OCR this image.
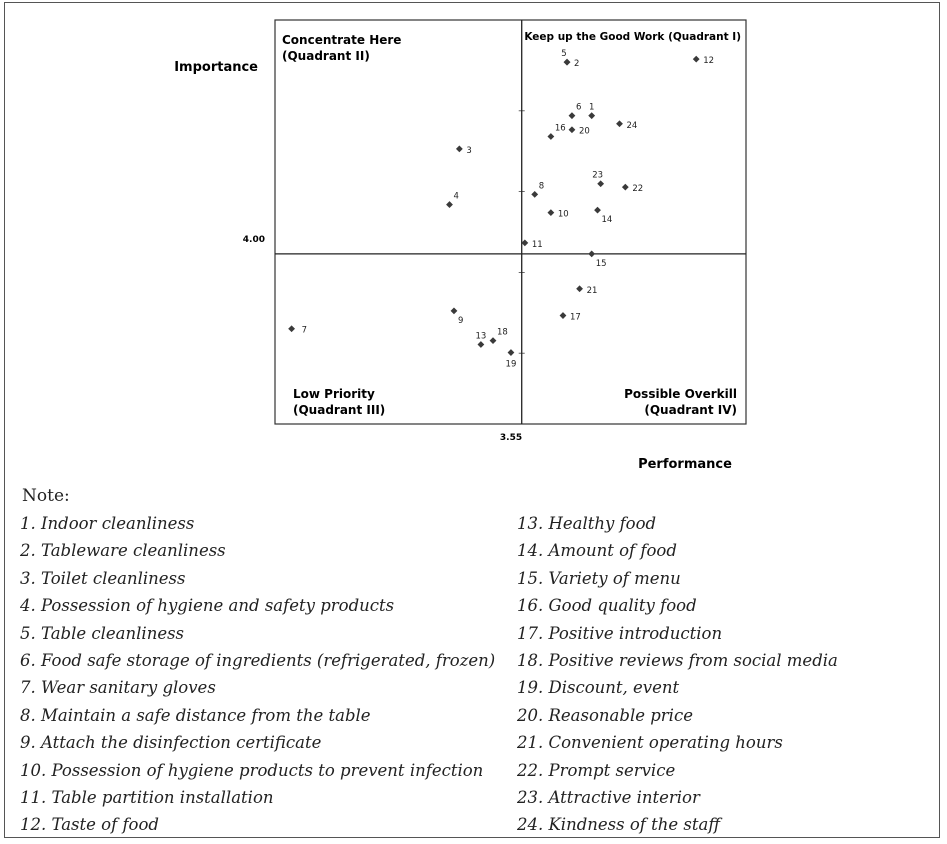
Importance
Performance
4.00
3.55
Keep up the Good Work (Quadrant I)
Concentrate Here
(Quadrant II)
Low Priority
(Quadrant III)
Possible Overkill
(Quadrant IV)
1
2
3
4
5
6
7
8
9
10
11
12
13
14
15
16
17
18
19
20
21
22
23
24
Note:
1. Indoor cleanliness
2. Tableware cleanliness
3. Toilet cleanliness
4. Possession of hygiene and safety products
5. Table cleanliness
6. Food safe storage of ingredients (refrigerated, frozen)
7. Wear sanitary gloves
8. Maintain a safe distance from the table
9. Attach the disinfection certificate
10. Possession of hygiene products to prevent infection
11. Table partition installation
12. Taste of food
13. Healthy food
14. Amount of food
15. Variety of menu
16. Good quality food
17. Positive introduction
18. Positive reviews from social media
19. Discount, event
20. Reasonable price
21. Convenient operating hours
22. Prompt service
23. Attractive interior
24. Kindness of the staff
